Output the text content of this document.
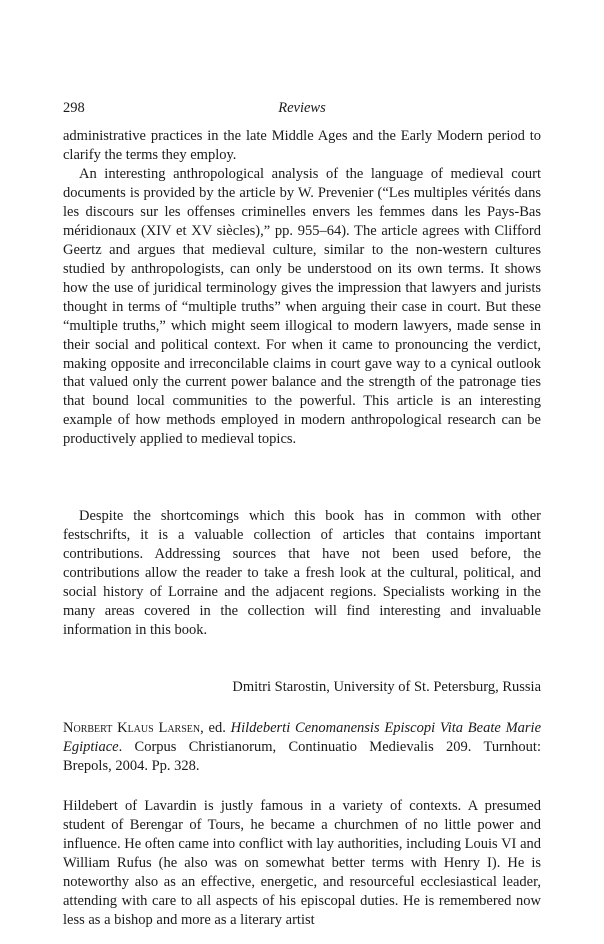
298	Reviews

administrative practices in the late Middle Ages and the Early Modern period to clarify the terms they employ.

An interesting anthropological analysis of the language of medieval court documents is provided by the article by W. Prevenier (“Les multiples vérités dans les discours sur les offenses criminelles envers les femmes dans les Pays-Bas méridionaux (XIV et XV siècles),” pp. 955–64). The article agrees with Clifford Geertz and argues that medieval culture, similar to the non-western cultures studied by anthropologists, can only be understood on its own terms. It shows how the use of juridical terminology gives the impression that lawyers and jurists thought in terms of “multiple truths” when arguing their case in court. But these “multiple truths,” which might seem illogical to modern lawyers, made sense in their social and political context. For when it came to pronouncing the verdict, making opposite and irreconcilable claims in court gave way to a cynical outlook that valued only the current power balance and the strength of the patronage ties that bound local communities to the powerful. This article is an interesting example of how methods employed in modern anthropological research can be productively applied to medieval topics.

Despite the shortcomings which this book has in common with other festschrifts, it is a valuable collection of articles that contains important contributions. Addressing sources that have not been used before, the contributions allow the reader to take a fresh look at the cultural, political, and social history of Lorraine and the adjacent regions. Specialists working in the many areas covered in the collection will find interesting and invaluable information in this book.

Dmitri Starostin, University of St. Petersburg, Russia

Norbert Klaus Larsen, ed. Hildeberti Cenomanensis Episcopi Vita Beate Marie Egiptiace. Corpus Christianorum, Continuatio Medievalis 209. Turnhout: Brepols, 2004. Pp. 328.

Hildebert of Lavardin is justly famous in a variety of contexts. A presumed student of Berengar of Tours, he became a churchmen of no little power and influence. He often came into conflict with lay authorities, including Louis VI and William Rufus (he also was on somewhat better terms with Henry I). He is noteworthy also as an effective, energetic, and resourceful ecclesiastical leader, attending with care to all aspects of his episcopal duties. He is remembered now less as a bishop and more as a literary artist
